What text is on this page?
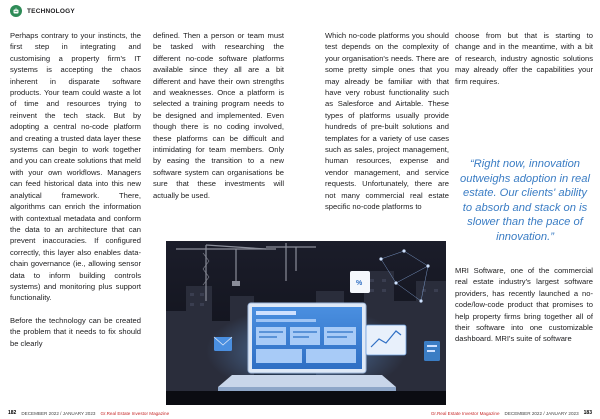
TECHNOLOGY

Perhaps contrary to your instincts, the first step in integrating and customising a property firm's IT systems is accepting the chaos inherent in disparate software products. Your team could waste a lot of time and resources trying to reinvent the tech stack. But by adopting a central no-code platform and creating a trusted data layer these systems can begin to work together and you can create solutions that meld with your own workflows. Managers can feed historical data into this new analytical framework. There, algorithms can enrich the information with contextual metadata and conform the data to an architecture that can prevent inaccuracies. If configured correctly, this layer also enables data-chain governance (ie., allowing sensor data to inform building controls systems) and monitoring plus support functionality.

Before the technology can be created the problem that it needs to fix should be clearly

defined. Then a person or team must be tasked with researching the different no-code software platforms available since they all are a bit different and have their own strengths and weaknesses. Once a platform is selected a training program needs to be designed and implemented. Even though there is no coding involved, these platforms can be difficult and intimidating for team members. Only by easing the transition to a new software system can organisations be sure that these investments will actually be used.

Which no-code platforms you should test depends on the complexity of your organisation's needs. There are some pretty simple ones that you may already be familiar with that have very robust functionality such as Salesforce and Airtable. These types of platforms usually provide hundreds of pre-built solutions and templates for a variety of use cases such as sales, project management, human resources, expense and vendor management, and service requests. Unfortunately, there are not many commercial real estate specific no-code platforms to

choose from but that is starting to change and in the meantime, with a bit of research, industry agnostic solutions may already offer the capabilities your firm requires.

“Right now, innovation outweighs adoption in real estate. Our clients' ability to absorb and stack on is slower than the pace of innovation.”

MRI Software, one of the commercial real estate industry's largest software providers, has recently launched a no-code/low-code product that promises to help property firms bring together all of their software into one customizable dashboard. MRI's suite of software

%
182 DECEMBER 2022 / JANUARY 2023 Gr.Real Estate Investor Magazine	Gr.Real Estate Investor Magazine DECEMBER 2022 / JANUARY 2023 183
